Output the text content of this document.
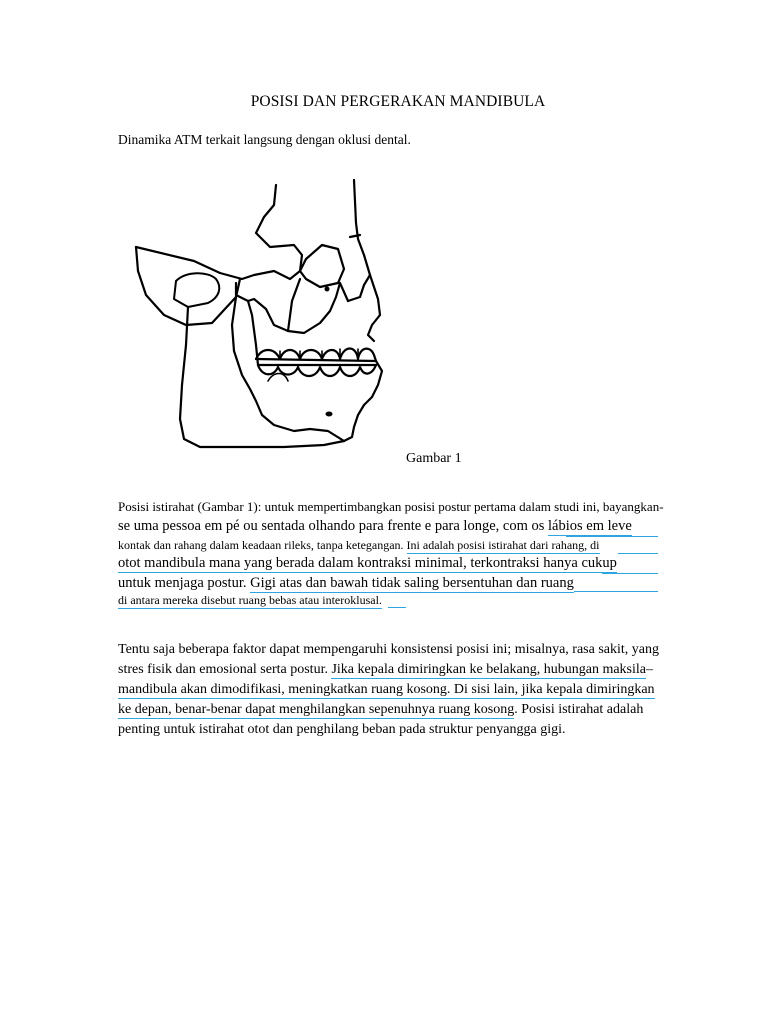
POSISI DAN PERGERAKAN MANDIBULA
Dinamika ATM terkait langsung dengan oklusi dental.
Gambar 1
Posisi istirahat (Gambar 1): untuk mempertimbangkan posisi postur pertama dalam studi ini, bayangkan-
se uma pessoa em pé ou sentada olhando para frente e para longe, com os lábios em leve
kontak dan rahang dalam keadaan rileks, tanpa ketegangan. Ini adalah posisi istirahat dari rahang, di
otot mandibula mana yang berada dalam kontraksi minimal, terkontraksi hanya cukup
untuk menjaga postur. Gigi atas dan bawah tidak saling bersentuhan dan ruang
di antara mereka disebut ruang bebas atau interoklusal.
Tentu saja beberapa faktor dapat mempengaruhi konsistensi posisi ini; misalnya, rasa sakit, yang
stres fisik dan emosional serta postur. Jika kepala dimiringkan ke belakang, hubungan maksila–
mandibula akan dimodifikasi, meningkatkan ruang kosong. Di sisi lain, jika kepala dimiringkan
ke depan, benar-benar dapat menghilangkan sepenuhnya ruang kosong. Posisi istirahat adalah
penting untuk istirahat otot dan penghilang beban pada struktur penyangga gigi.
